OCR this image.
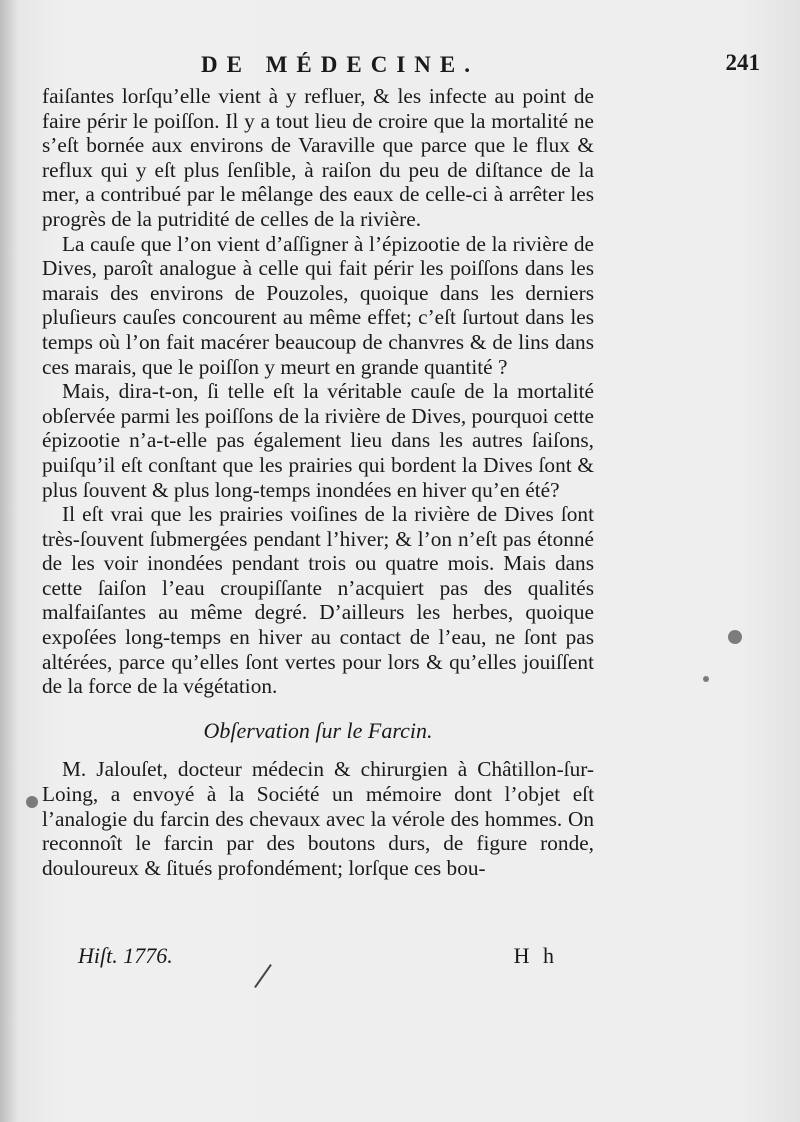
DE MÉDECINE.	241

faiſantes lorſqu’elle vient à y refluer, & les infecte au point de faire périr le poiſſon. Il y a tout lieu de croire que la mortalité ne s’eſt bornée aux environs de Varaville que parce que le flux & reflux qui y eſt plus ſenſible, à raiſon du peu de diſtance de la mer, a contribué par le mêlange des eaux de celle-ci à arrêter les progrès de la putridité de celles de la rivière.

La cauſe que l’on vient d’aſſigner à l’épizootie de la rivière de Dives, paroît analogue à celle qui fait périr les poiſſons dans les marais des environs de Pouzoles, quoique dans les derniers pluſieurs cauſes concourent au même effet; c’eſt ſurtout dans les temps où l’on fait macérer beaucoup de chanvres & de lins dans ces marais, que le poiſſon y meurt en grande quantité ?

Mais, dira-t-on, ſi telle eſt la véritable cauſe de la mortalité obſervée parmi les poiſſons de la rivière de Dives, pourquoi cette épizootie n’a-t-elle pas également lieu dans les autres ſaiſons, puiſqu’il eſt conſtant que les prairies qui bordent la Dives ſont & plus ſouvent & plus long-temps inondées en hiver qu’en été?

Il eſt vrai que les prairies voiſines de la rivière de Dives ſont très-ſouvent ſubmergées pendant l’hiver; & l’on n’eſt pas étonné de les voir inondées pendant trois ou quatre mois. Mais dans cette ſaiſon l’eau croupiſſante n’acquiert pas des qualités malfaiſantes au même degré. D’ailleurs les herbes, quoique expoſées long-temps en hiver au contact de l’eau, ne ſont pas altérées, parce qu’elles ſont vertes pour lors & qu’elles jouiſſent de la force de la végétation.

Obſervation ſur le Farcin.

M. Jalouſet, docteur médecin & chirurgien à Châtillon-ſur-Loing, a envoyé à la Société un mémoire dont l’objet eſt l’analogie du farcin des chevaux avec la vérole des hommes. On reconnoît le farcin par des boutons durs, de figure ronde, douloureux & ſitués profondément; lorſque ces bou-

Hiſt. 1776.	H h
